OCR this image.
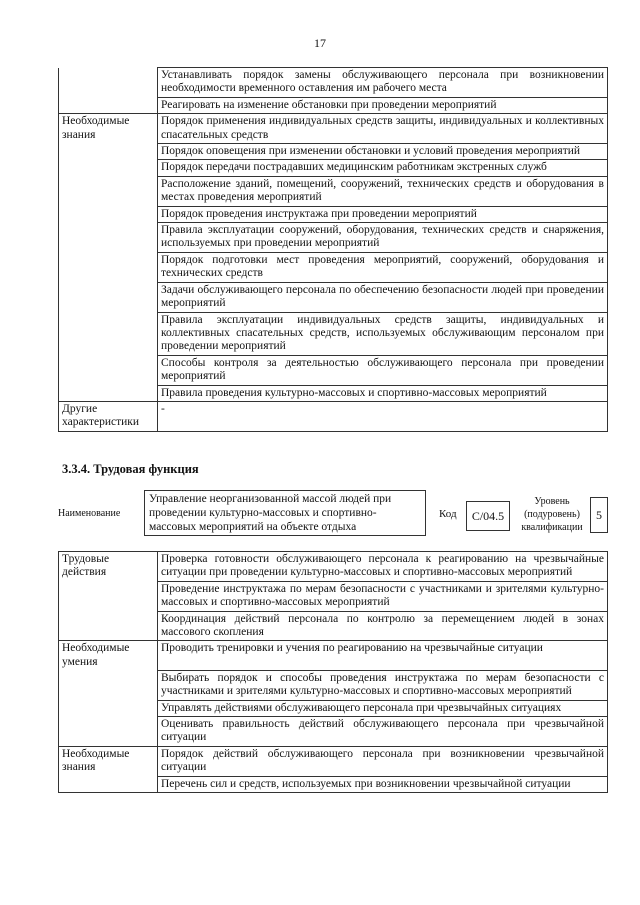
17
	Устанавливать порядок замены обслуживающего персонала при возникновении необходимости временного оставления им рабочего места
	Реагировать на изменение обстановки при проведении мероприятий
Необходимые знания	Порядок применения индивидуальных средств защиты, индивидуальных и коллективных спасательных средств
	Порядок оповещения при изменении обстановки и условий проведения мероприятий
	Порядок передачи пострадавших медицинским работникам экстренных служб
	Расположение зданий, помещений, сооружений, технических средств и оборудования в местах проведения мероприятий
	Порядок проведения инструктажа при проведении мероприятий
	Правила эксплуатации сооружений, оборудования, технических средств и снаряжения, используемых при проведении мероприятий
	Порядок подготовки мест проведения мероприятий, сооружений, оборудования и технических средств
	Задачи обслуживающего персонала по обеспечению безопасности людей при проведении мероприятий
	Правила эксплуатации индивидуальных средств защиты, индивидуальных и коллективных спасательных средств, используемых обслуживающим персоналом при проведении мероприятий
	Способы контроля за деятельностью обслуживающего персонала при проведении мероприятий
	Правила проведения культурно-массовых и спортивно-массовых мероприятий
Другие характеристики	-
3.3.4. Трудовая функция
Наименование
Управление неорганизованной массой людей при проведении культурно-массовых и спортивно-массовых мероприятий на объекте отдыха
Код	С/04.5
Уровень (подуровень) квалификации
5
Трудовые действия	Проверка готовности обслуживающего персонала к реагированию на чрезвычайные ситуации при проведении культурно-массовых и спортивно-массовых мероприятий
	Проведение инструктажа по мерам безопасности с участниками и зрителями культурно-массовых и спортивно-массовых мероприятий
	Координация действий персонала по контролю за перемещением людей в зонах массового скопления
Необходимые умения	Проводить тренировки и учения по реагированию на чрезвычайные ситуации
	Выбирать порядок и способы проведения инструктажа по мерам безопасности с участниками и зрителями культурно-массовых и спортивно-массовых мероприятий
	Управлять действиями обслуживающего персонала при чрезвычайных ситуациях
	Оценивать правильность действий обслуживающего персонала при чрезвычайной ситуации
Необходимые знания	Порядок действий обслуживающего персонала при возникновении чрезвычайной ситуации
	Перечень сил и средств, используемых при возникновении чрезвычайной ситуации
